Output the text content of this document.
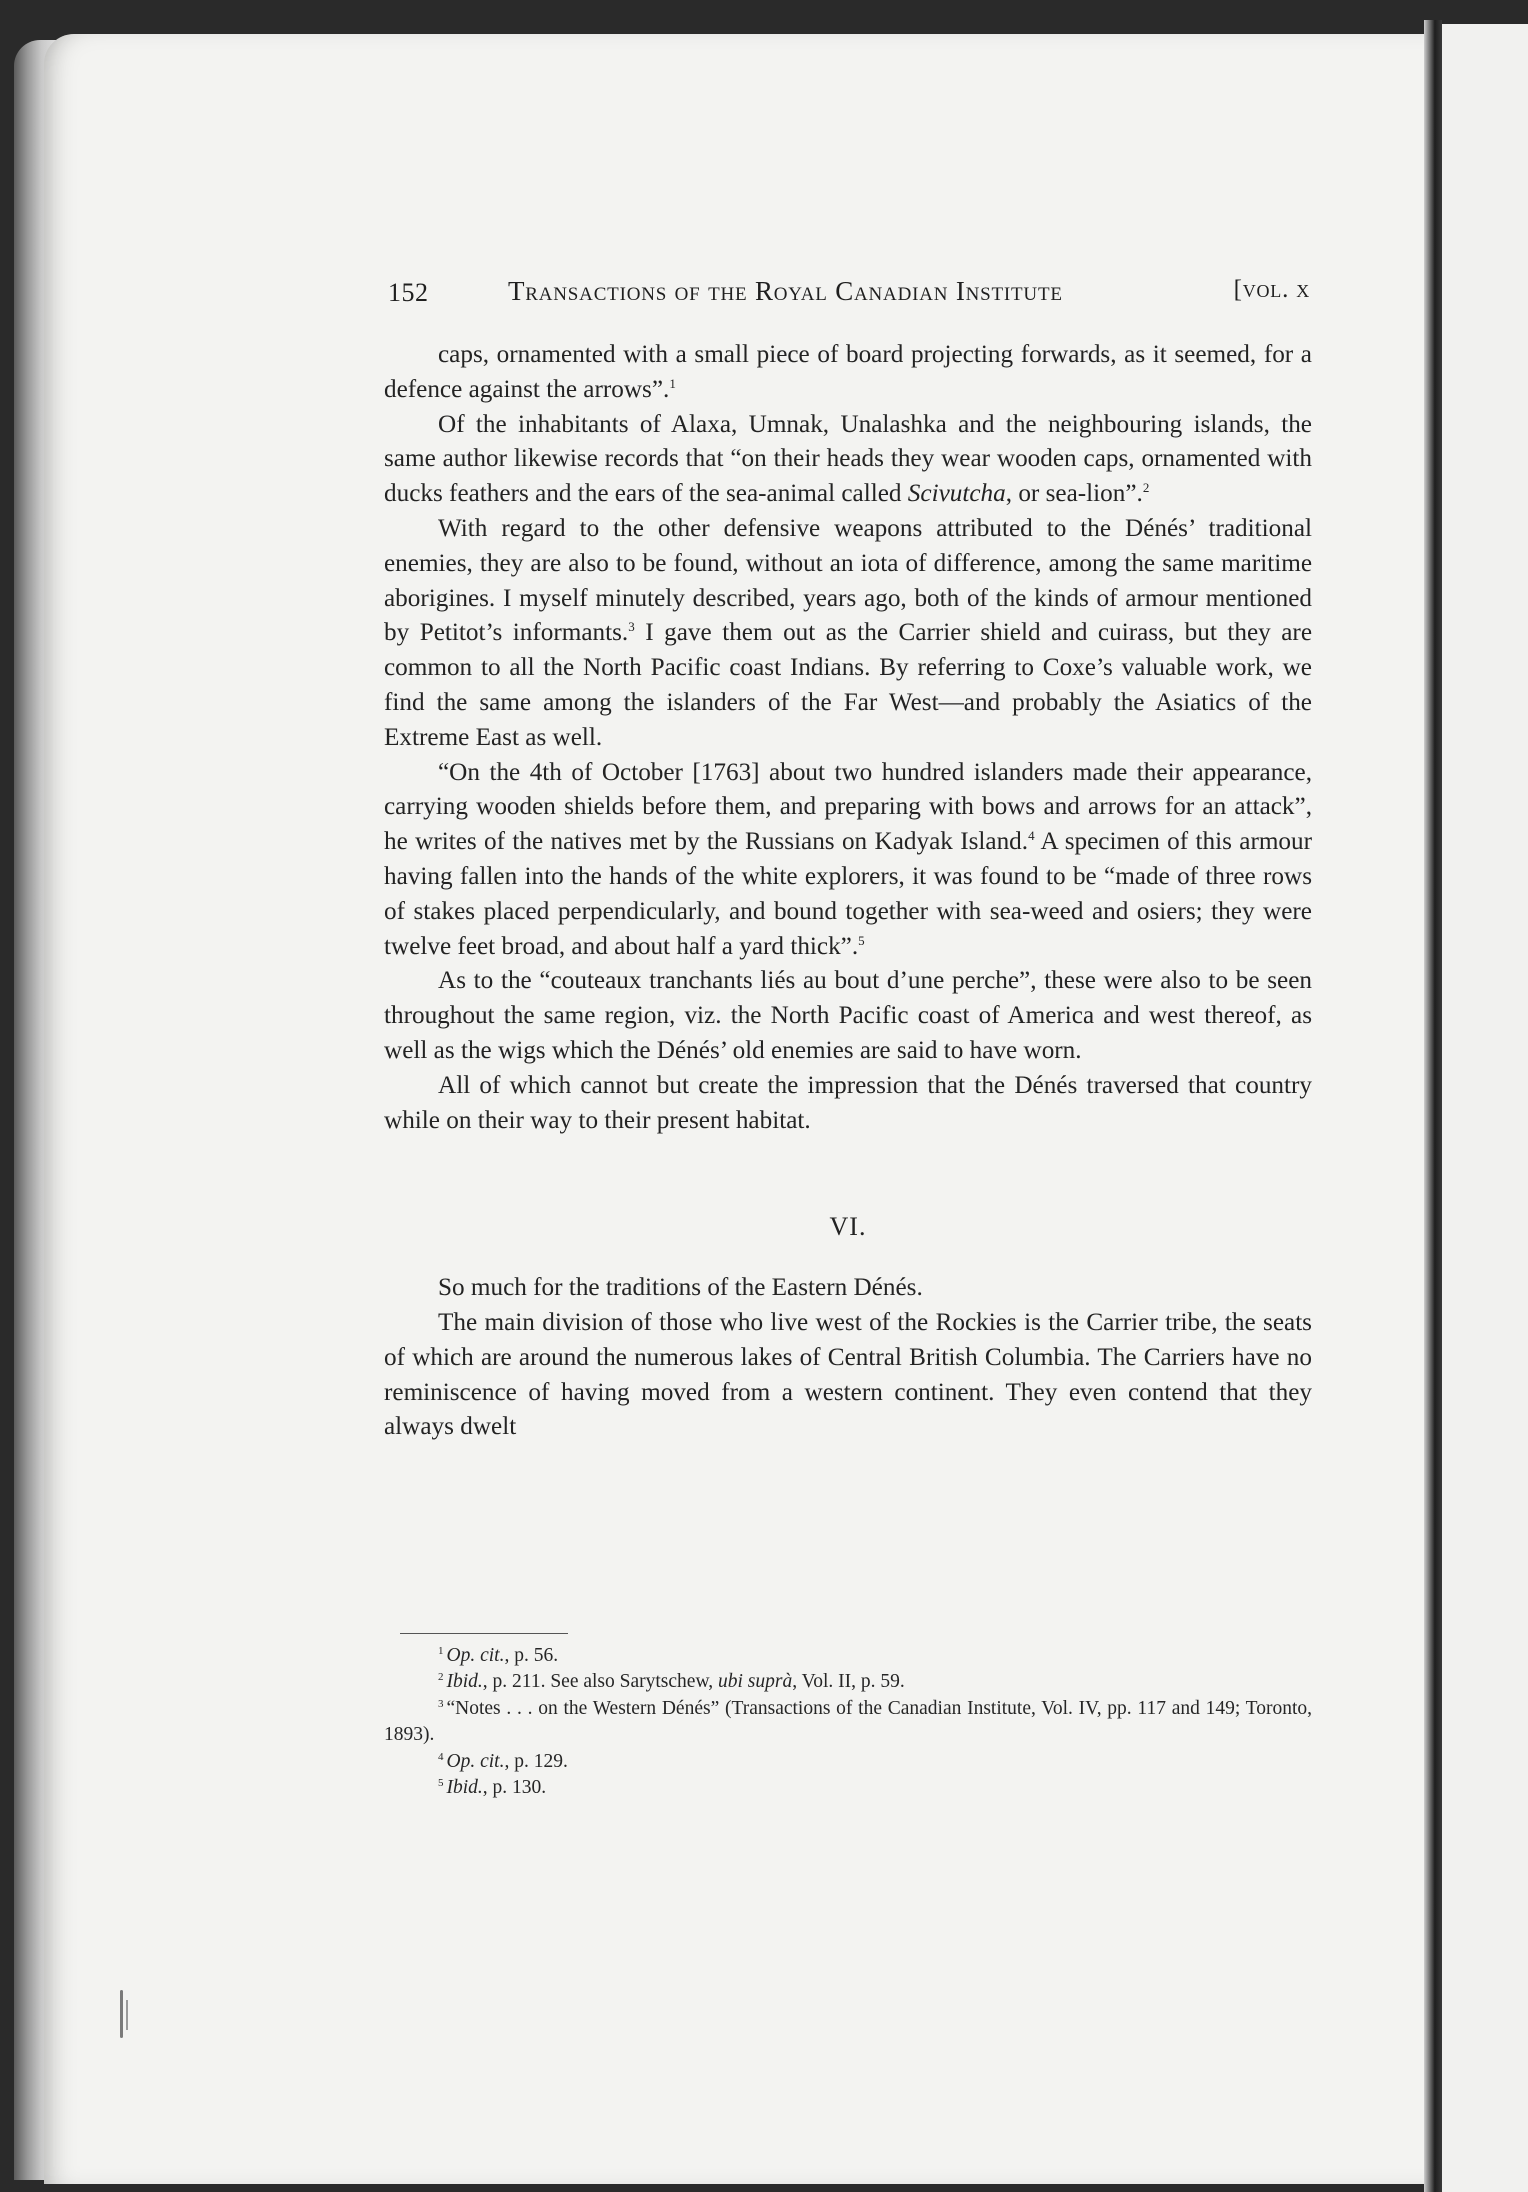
152	Transactions of the Royal Canadian Institute	[vol. x

caps, ornamented with a small piece of board projecting forwards, as it seemed, for a defence against the arrows”.$^1$

Of the inhabitants of Alaxa, Umnak, Unalashka and the neighbouring islands, the same author likewise records that “on their heads they wear wooden caps, ornamented with ducks feathers and the ears of the sea-animal called Scivutcha, or sea-lion”.$^2$

With regard to the other defensive weapons attributed to the Dénés’ traditional enemies, they are also to be found, without an iota of difference, among the same maritime aborigines. I myself minutely described, years ago, both of the kinds of armour mentioned by Petitot’s informants.$^3$ I gave them out as the Carrier shield and cuirass, but they are common to all the North Pacific coast Indians. By referring to Coxe’s valuable work, we find the same among the islanders of the Far West—and probably the Asiatics of the Extreme East as well.

“On the 4th of October [1763] about two hundred islanders made their appearance, carrying wooden shields before them, and preparing with bows and arrows for an attack”, he writes of the natives met by the Russians on Kadyak Island.$^4$ A specimen of this armour having fallen into the hands of the white explorers, it was found to be “made of three rows of stakes placed perpendicularly, and bound together with sea-weed and osiers; they were twelve feet broad, and about half a yard thick”.$^5$

As to the “couteaux tranchants liés au bout d’une perche”, these were also to be seen throughout the same region, viz. the North Pacific coast of America and west thereof, as well as the wigs which the Dénés’ old enemies are said to have worn.

All of which cannot but create the impression that the Dénés traversed that country while on their way to their present habitat.

VI.

So much for the traditions of the Eastern Dénés.

The main division of those who live west of the Rockies is the Carrier tribe, the seats of which are around the numerous lakes of Central British Columbia. The Carriers have no reminiscence of having moved from a western continent. They even contend that they always dwelt

$^1$ Op. cit., p. 56.
$^2$ Ibid., p. 211. See also Sarytschew, ubi suprà, Vol. II, p. 59.
$^3$ “Notes . . . on the Western Dénés” (Transactions of the Canadian Institute, Vol. IV, pp. 117 and 149; Toronto, 1893).
$^4$ Op. cit., p. 129.
$^5$ Ibid., p. 130.
